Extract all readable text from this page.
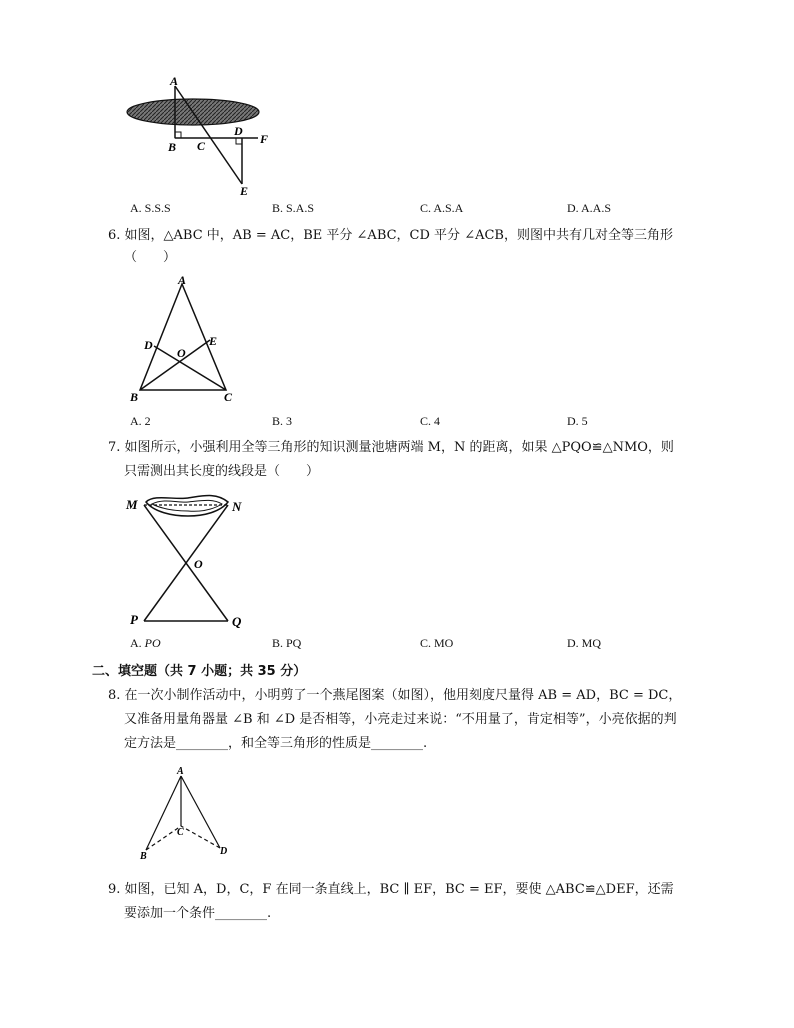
A
B C
D
F
E
A. S.S.S	B. S.A.S	C. A.S.A	D. A.A.S
6. 如图，△ABC 中，AB = AC，BE 平分 ∠ABC，CD 平分 ∠ACB，则图中共有几对全等三角形
（　　）
A
D	E
O
B	C
A. 2	B. 3	C. 4	D. 5
7. 如图所示，小强利用全等三角形的知识测量池塘两端 M，N 的距离，如果 △PQO≌△NMO，则
只需测出其长度的线段是（　　）
M	N
O
P	Q
A. PO	B. PQ	C. MO	D. MQ
二、填空题（共 7 小题；共 35 分）
8. 在一次小制作活动中，小明剪了一个燕尾图案（如图），他用刻度尺量得 AB = AD，BC = DC，
又准备用量角器量 ∠B 和 ∠D 是否相等，小亮走过来说：“不用量了，肯定相等”，小亮依据的判
定方法是________，和全等三角形的性质是________.
A
C
B	D
9. 如图，已知 A，D，C，F 在同一条直线上，BC ∥ EF，BC = EF，要使 △ABC≌△DEF，还需
要添加一个条件________.
